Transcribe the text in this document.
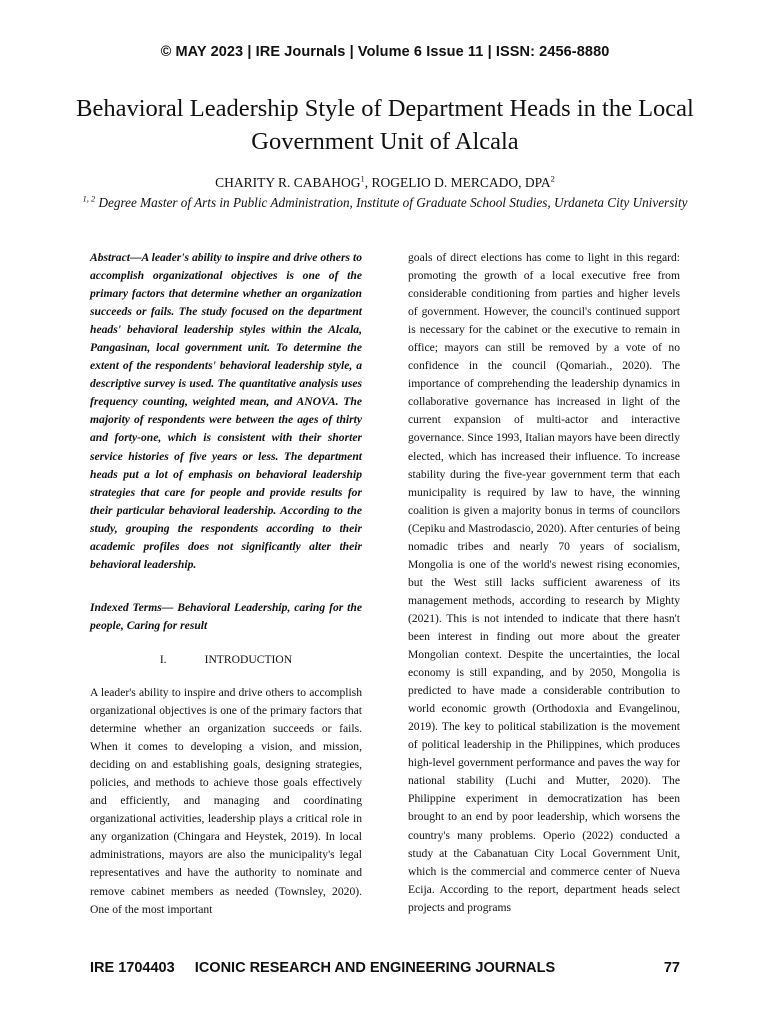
© MAY 2023 | IRE Journals | Volume 6 Issue 11 | ISSN: 2456-8880
Behavioral Leadership Style of Department Heads in the Local Government Unit of Alcala
CHARITY R. CABAHOG$^1$, ROGELIO D. MERCADO, DPA$^2$
$^{1, 2}$ Degree Master of Arts in Public Administration, Institute of Graduate School Studies, Urdaneta City University

Abstract—A leader's ability to inspire and drive others to accomplish organizational objectives is one of the primary factors that determine whether an organization succeeds or fails. The study focused on the department heads' behavioral leadership styles within the Alcala, Pangasinan, local government unit. To determine the extent of the respondents' behavioral leadership style, a descriptive survey is used. The quantitative analysis uses frequency counting, weighted mean, and ANOVA. The majority of respondents were between the ages of thirty and forty-one, which is consistent with their shorter service histories of five years or less. The department heads put a lot of emphasis on behavioral leadership strategies that care for people and provide results for their particular behavioral leadership. According to the study, grouping the respondents according to their academic profiles does not significantly alter their behavioral leadership.

Indexed Terms— Behavioral Leadership, caring for the people, Caring for result

I.	INTRODUCTION

A leader's ability to inspire and drive others to accomplish organizational objectives is one of the primary factors that determine whether an organization succeeds or fails. When it comes to developing a vision, and mission, deciding on and establishing goals, designing strategies, policies, and methods to achieve those goals effectively and efficiently, and managing and coordinating organizational activities, leadership plays a critical role in any organization (Chingara and Heystek, 2019). In local administrations, mayors are also the municipality's legal representatives and have the authority to nominate and remove cabinet members as needed (Townsley, 2020). One of the most important

goals of direct elections has come to light in this regard: promoting the growth of a local executive free from considerable conditioning from parties and higher levels of government. However, the council's continued support is necessary for the cabinet or the executive to remain in office; mayors can still be removed by a vote of no confidence in the council (Qomariah., 2020). The importance of comprehending the leadership dynamics in collaborative governance has increased in light of the current expansion of multi-actor and interactive governance. Since 1993, Italian mayors have been directly elected, which has increased their influence. To increase stability during the five-year government term that each municipality is required by law to have, the winning coalition is given a majority bonus in terms of councilors (Cepiku and Mastrodascio, 2020). After centuries of being nomadic tribes and nearly 70 years of socialism, Mongolia is one of the world's newest rising economies, but the West still lacks sufficient awareness of its management methods, according to research by Mighty (2021). This is not intended to indicate that there hasn't been interest in finding out more about the greater Mongolian context. Despite the uncertainties, the local economy is still expanding, and by 2050, Mongolia is predicted to have made a considerable contribution to world economic growth (Orthodoxia and Evangelinou, 2019). The key to political stabilization is the movement of political leadership in the Philippines, which produces high-level government performance and paves the way for national stability (Luchi and Mutter, 2020). The Philippine experiment in democratization has been brought to an end by poor leadership, which worsens the country's many problems. Operio (2022) conducted a study at the Cabanatuan City Local Government Unit, which is the commercial and commerce center of Nueva Ecija. According to the report, department heads select projects and programs

IRE 1704403	ICONIC RESEARCH AND ENGINEERING JOURNALS	77
